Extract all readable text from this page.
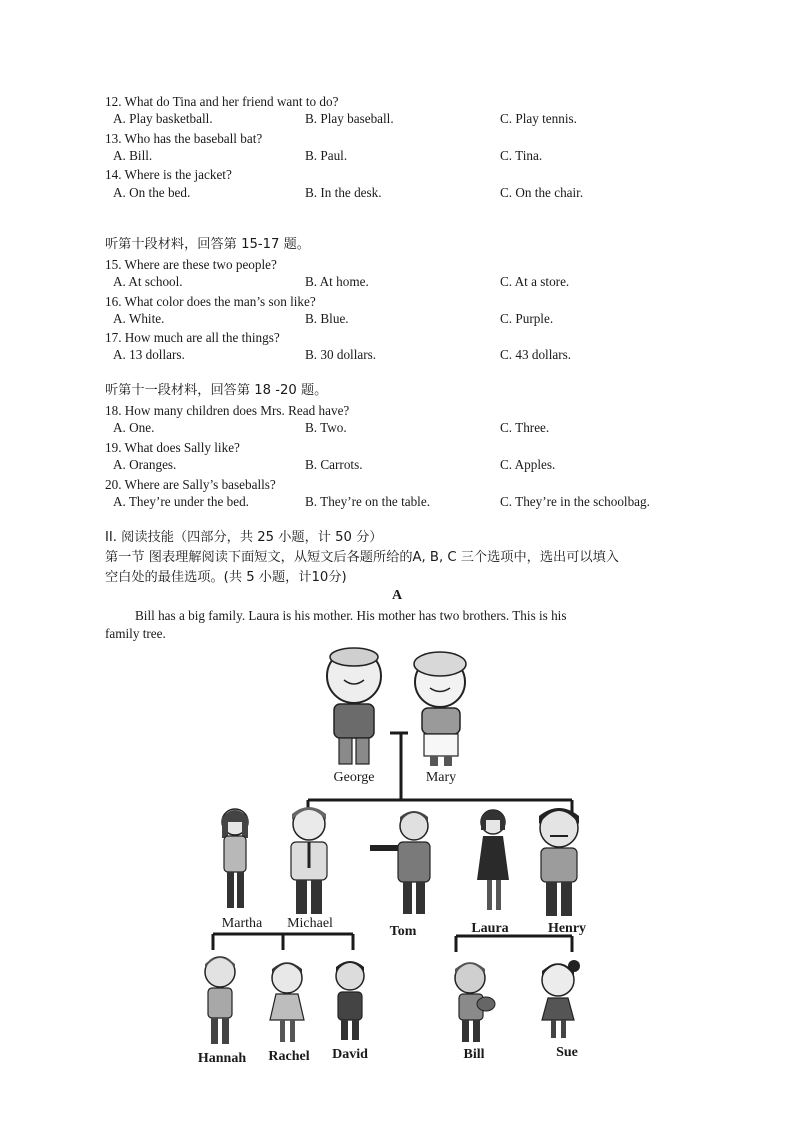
12. What do Tina and her friend want to do?
A. Play basketball.	B. Play baseball.	C. Play tennis.
13. Who has the baseball bat?
A. Bill.	B. Paul.	C. Tina.
14. Where is the jacket?
A. On the bed.	B. In the desk.	C. On the chair.
听第十段材料，回答第 15-17 题。
15. Where are these two people?
A. At school.	B. At home.	C. At a store.
16. What color does the man’s son like?
A. White.	B. Blue.	C. Purple.
17. How much are all the things?
A. 13 dollars.	B. 30 dollars.	C. 43 dollars.
听第十一段材料，回答第 18 -20 题。
18. How many children does Mrs. Read have?
A. One.	B. Two.	C. Three.
19. What does Sally like?
A. Oranges.	B. Carrots.	C. Apples.
20. Where are Sally’s baseballs?
A. They’re under the bed.	B. They’re on the table.	C. They’re in the schoolbag.
II. 阅读技能（四部分，共 25 小题，计 50 分）
第一节 图表理解阅读下面短文，从短文后各题所给的A, B, C 三个选项中，选出可以填入
空白处的最佳选项。(共 5 小题，计10分)
A
Bill has a big family. Laura is his mother. His mother has two brothers. This is his
family tree.
George	Mary
Martha Michael
Tom	Laura	Henry
Hannah Rachel David	Bill	Sue
